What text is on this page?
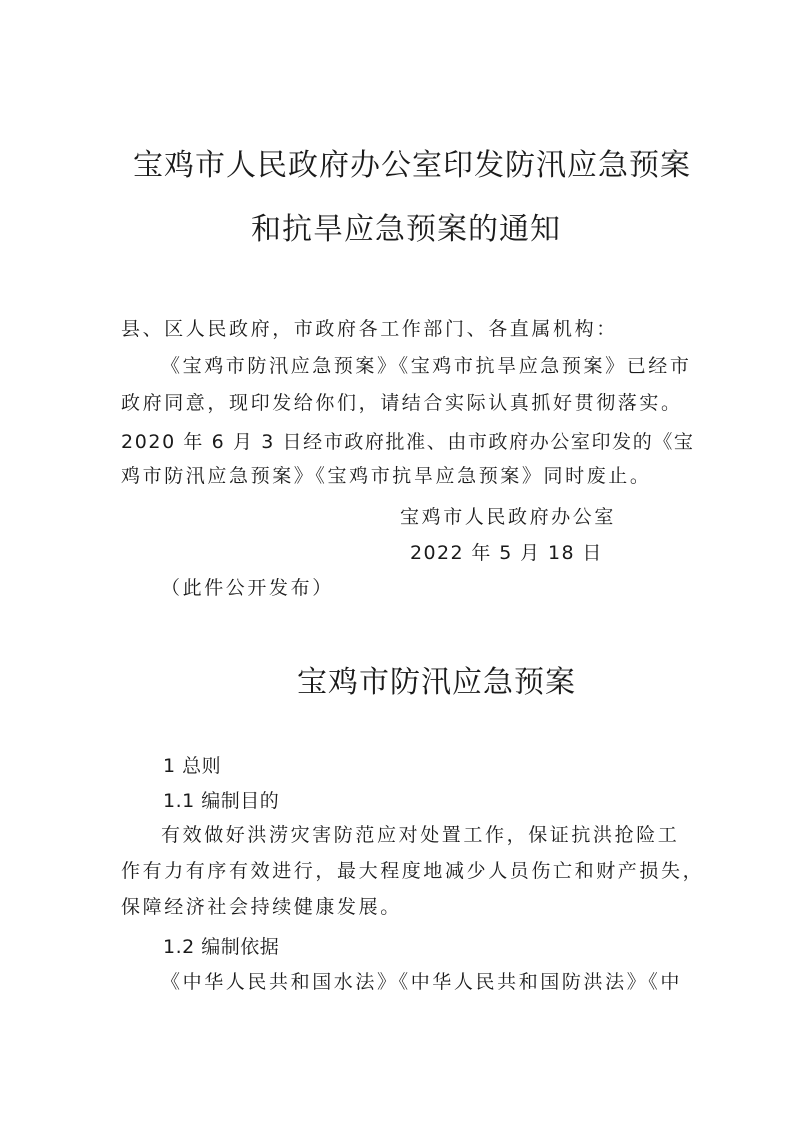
宝鸡市人民政府办公室印发防汛应急预案
和抗旱应急预案的通知
县、区人民政府，市政府各工作部门、各直属机构：
《宝鸡市防汛应急预案》《宝鸡市抗旱应急预案》已经市
政府同意，现印发给你们，请结合实际认真抓好贯彻落实。
2020 年 6 月 3 日经市政府批准、由市政府办公室印发的《宝
鸡市防汛应急预案》《宝鸡市抗旱应急预案》同时废止。
宝鸡市人民政府办公室
2022 年 5 月 18 日
（此件公开发布）
宝鸡市防汛应急预案
1 总则
1.1 编制目的
有效做好洪涝灾害防范应对处置工作，保证抗洪抢险工
作有力有序有效进行，最大程度地减少人员伤亡和财产损失，
保障经济社会持续健康发展。
1.2 编制依据
《中华人民共和国水法》《中华人民共和国防洪法》《中
